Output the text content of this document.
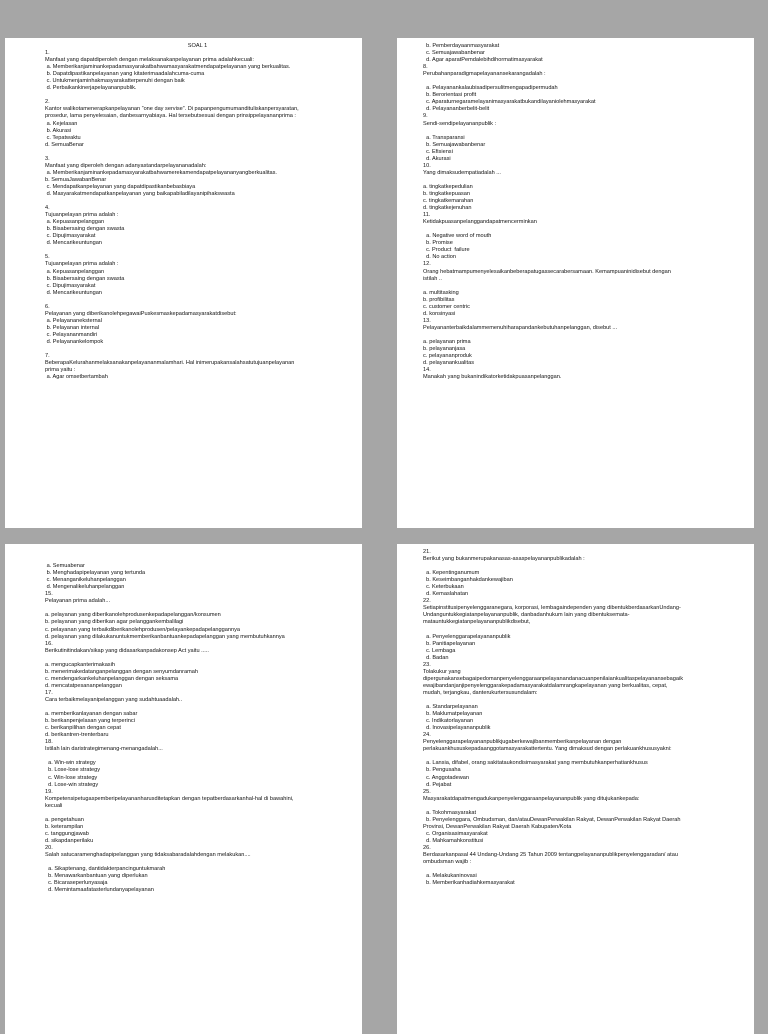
SOAL 1
1.
Manfaat yang dapatdiperoleh dengan melaksanakanpelayanan prima adalahkecuali:
a. Memberikanjaminankepadamasyarakatbahwamasyarakatmendapatpelayanan yang berkualitas.
b. Dapatdipastikanpelayanan yang kitaterimaadalahcuma-cuma
c. Untukmenjaminhakmasyarakatterpenuhi dengan baik
d. Perbaikankinerjapelayananpublik.
2.
Kantor walikotamenerapkanpelayanan “one day servise”. Di papanpengumumandituliskanpersyaratan,
prosedur, lama penyelesaian, danbesarnyabiaya. Hal tersebutsesuai dengan prinsippelayananprima :
a. Kejelasan
b. Akurasi
c. Tepatwaktu
d. SemuaBenar
3.
Manfaat yang diperoleh dengan adanyastandarpelayananadalah:
a. Memberikanjaminankepadamasyarakatbahwamerekamendapatpelayananyangberkualitas.
b. SemuaJawabanBenar
c. Mendapatkanpelayanan yang dapatdipastikanbebasbiaya
d. Masyarakatmendapatkanpelayanan yang baikapabiladilayanipihakswasta
4.
Tujuanpelayan prima adalah :
a. Kepuasanpelanggan
b. Bisabersaing dengan swasta
c. Dipujimasyarakat
d. Mencarikeuntungan
5.
Tujuanpelayan prima adalah :
a. Kepuasanpelanggan
b. Bisabersaing dengan swasta
c. Dipujimasyarakat
d. Mencarikeuntungan
6.
Pelayanan yang diberikanolehpegawaiPuskesmaskepadamasyarakatdisebut:
a. Pelayananeksternal
b. Pelayanan internal
c. Pelayananmandiri
d. Pelayanankelompok
7.
BeberapaKelurahanmelaksanakanpelayananmalamhari. Hal inimerupakansalahsatutujuanpelayanan
prima yaitu :
a. Agar omsetbertambah
b. Pemberdayaanmasyarakat
c. Semuajawabanbenar
d. Agar aparatPemdalebihdihormatimasyarakat
8.
Perubahanparadigmapelayanansekarangadalah :
a. Pelayanankalaubisadipersulitmengapadipermudah
b. Berorientasi profit
c. Aparaturnegaramelayanimasyarakatbukandilayaniolehmasyarakat
d. Pelayananberbelit-belit
9.
Sendi-sendipelayananpublik :
a. Transparansi
b. Semuajawabanbenar
c. Efisiensi
d. Akurasi
10.
Yang dimaksudempatiadalah ...
a. tingkatkepedulian
b. tingkatkepuasan
c. tingkatkemarahan
d. tingkatkejenuhan
11.
Ketidakpuasanpelanggandapatmencerminkan
a. Negative word of mouth
b. Promise
c. Product  failure
d. No action
12.
Orang hebatmampumenyelesaikanbeberapatugassecarabersamaan. Kemampuaninidisebut dengan
istilah ..
a. multitasking
b. profibilitas
c. customer centric
d. konsinyasi
13.
Pelayananterbaikdalammemenuhiharapandankebutuhanpelanggan, disebut ...
a. pelayanan prima
b. pelayananjasa
c. pelayananproduk
d. pelayanankualitas
14.
Manakah yang bukanindikatorketidakpuasanpelanggan.
a. Semuabenar
b. Menghadapipelayanan yang tertunda
c. Menanganikeluhanpelanggan
d. Mengenalikeluhanpelanggan
15.
Pelayanan prima adalah...
a. pelayanan yang diberikanolehprodusenkepadapelanggan/konsumen
b. pelayanan yang diberikan agar pelanggankembalilagi
c. pelayanan yang terbaikdiberikanolehprodusen/pelayankepadapelanggannya
d. pelayanan yang dilakukanuntukmemberikanbantuankepadapelanggan yang membutuhkannya
16.
Berikutinitindakan/sikap yang didasarkanpadakonsep Act yaitu .....
a. mengucapkanterimakasih
b. menerimakedatanganpelanggan dengan senyumdanramah
c. mendengarkankeluhanpelanggan dengan seksama
d. mencatatpesananpelanggan
17.
Cara terbaikmelayanipelanggan yang sudahtuaadalah..
a. memberikanlayanan dengan sabar
b. berikanpenjelasan yang terperinci
c. berikanpilihan dengan cepat
d. berikantren-trenterbaru
18.
Istilah lain daristrategimenang-menangadalah...
a. Win-win strategy
b. Lose-lose strategy
c. Win-lose strategy
d. Lose-win strategy
19.
Kompetensipetugaspemberipelayananharusditetapkan dengan tepatberdasarkanhal-hal di bawahini,
kecuali
a. pengetahuan
b. keterampilan
c. tanggungjawab
d. sikapdanperilaku
20.
Salah satucaramenghadapipelanggan yang tidaksabaradalahdengan melakukan....
a. Sikaptenang, dantidakterpancinguntukmarah
b. Menawarkanbantuan yang diperlukan
c. Bicaraseperlunyasaja
d. Memintamaafatasterlundanyapelayanan
21.
Berikut yang bukanmerupakanasas-asaspelayananpublikadalah :
a. Kepentinganumum
b. Keseimbanganhakdankewajiban
c. Keterbukaan
d. Kemaslahatan
22.
Setiapinstitusipenyelenggaranegara, korporasi, lembagaindependen yang dibentukberdasarkanUndang-
Undanguntukkegiatanpelayananpublik, danbadanhukum lain yang dibentuksemata-
matauntukkegiatanpelayananpublikdisebut,
a. Penyelenggarapelayananpublik
b. Panitiapelayanan
c. Lembaga
d. Badan
23.
Tolakukur yang
dipergunakansebagaipedomanpenyelenggaraanpelayanandanacuanpenilaiankualitaspelayanansebagaik
ewajibandanjanjipenyelenggarakepadamasyarakatdalamrangkapelayanan yang berkualitas, cepat,
mudah, terjangkau, danterukurtersusundalam:
a. Standarpelayanan
b. Maklumatpelayanan
c. Indikatorlayanan
d. Inovasipelayananpublik
24.
Penyelenggarapelayananpublikjugaberkewajibanmemberikanpelayanan dengan
perlakuankhususkepadaanggotamasyarakattertentu. Yang dimaksud dengan perlakuankhususyakni:
a. Lansia, difabel, orang sakitataukondisimasyarakat yang membutuhkanperhatiankhusus
b. Pengusaha
c. Anggotadewan
d. Pejabat
25.
Masyarakatdapatmengadukanpenyelenggaraanpelayananpublik yang ditujukankepada:
a. Tokohmasyarakat
b. Penyelenggara, Ombudsman, dan/atauDewanPerwakilan Rakyat, DewanPerwakilan Rakyat Daerah
Provinsi, DewanPerwakilan Rakyat Daerah Kabupaten/Kota
c. Organisasimasyarakat
d. Mahkamahkonstitusi
26.
Berdasarkanpasal 44 Undang-Undang 25 Tahun 2009 tentangpelayananpublikpenyelenggaradan/ atau
ombudsman wajib :
a. Melakukaninovasi
b. Memberikanhadiahkemasyarakat
